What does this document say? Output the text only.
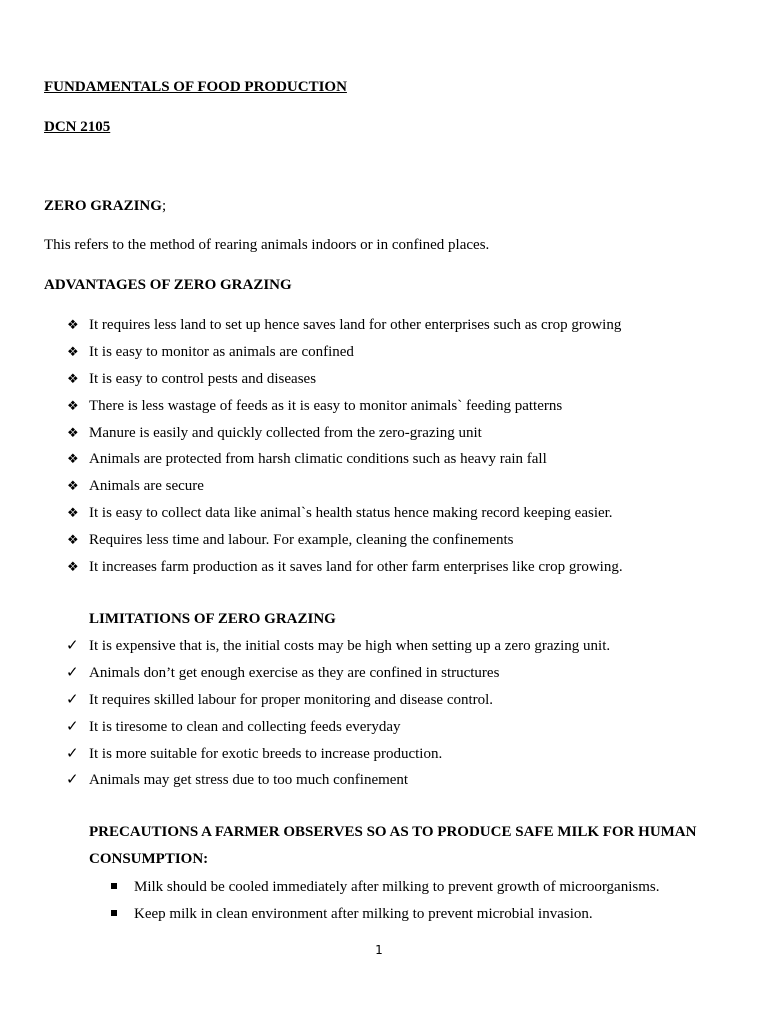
FUNDAMENTALS OF FOOD PRODUCTION
DCN 2105
ZERO GRAZING;
This refers to the method of rearing animals indoors or in confined places.
ADVANTAGES OF ZERO GRAZING
❖ It requires less land to set up hence saves land for other enterprises such as crop growing
❖ It is easy to monitor as animals are confined
❖ It is easy to control pests and diseases
❖ There is less wastage of feeds as it is easy to monitor animals` feeding patterns
❖ Manure is easily and quickly collected from the zero-grazing unit
❖ Animals are protected from harsh climatic conditions such as heavy rain fall
❖ Animals are secure
❖ It is easy to collect data like animal`s health status hence making record keeping easier.
❖ Requires less time and labour. For example, cleaning the confinements
❖ It increases farm production as it saves land for other farm enterprises like crop growing.
LIMITATIONS OF ZERO GRAZING
✓ It is expensive that is, the initial costs may be high when setting up a zero grazing unit.
✓ Animals don’t get enough exercise as they are confined in structures
✓ It requires skilled labour for proper monitoring and disease control.
✓ It is tiresome to clean and collecting feeds everyday
✓ It is more suitable for exotic breeds to increase production.
✓ Animals may get stress due to too much confinement
PRECAUTIONS A FARMER OBSERVES SO AS TO PRODUCE SAFE MILK FOR HUMAN CONSUMPTION:
Milk should be cooled immediately after milking to prevent growth of microorganisms.
Keep milk in clean environment after milking to prevent microbial invasion.
1
